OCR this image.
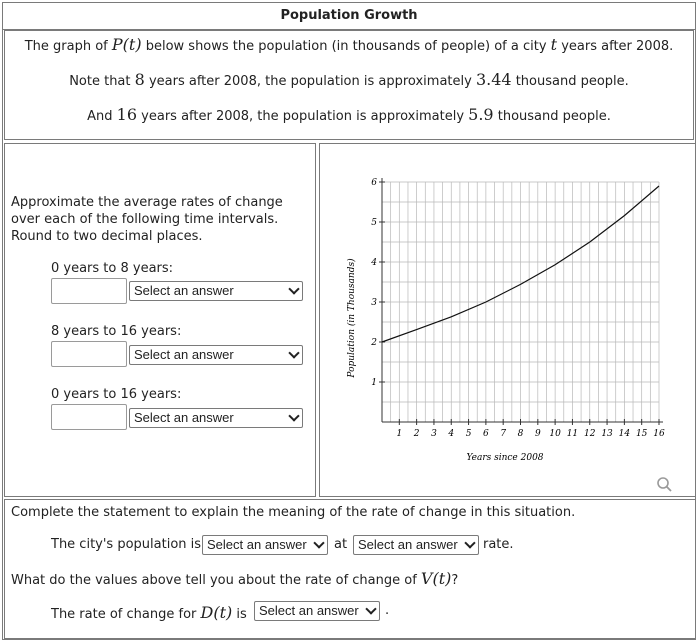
Population Growth
The graph of P(t) below shows the population (in thousands of people) of a city t years after 2008.
Note that 8 years after 2008, the population is approximately 3.44 thousand people.
And 16 years after 2008, the population is approximately 5.9 thousand people.
Approximate the average rates of change over each of the following time intervals. Round to two decimal places.
0 years to 8 years:
Select an answer
8 years to 16 years:
Select an answer
0 years to 16 years:
Select an answer
1 2 3 4 5 6 7 8 9 10 11 12 13 14 15 16
1
2
3
4
5
6
Population (in Thousands)
Years since 2008
Complete the statement to explain the meaning of the rate of change in this situation.
The city's population is Select an answer at Select an answer rate.
What do the values above tell you about the rate of change of V(t)?
The rate of change for D(t) is Select an answer .
